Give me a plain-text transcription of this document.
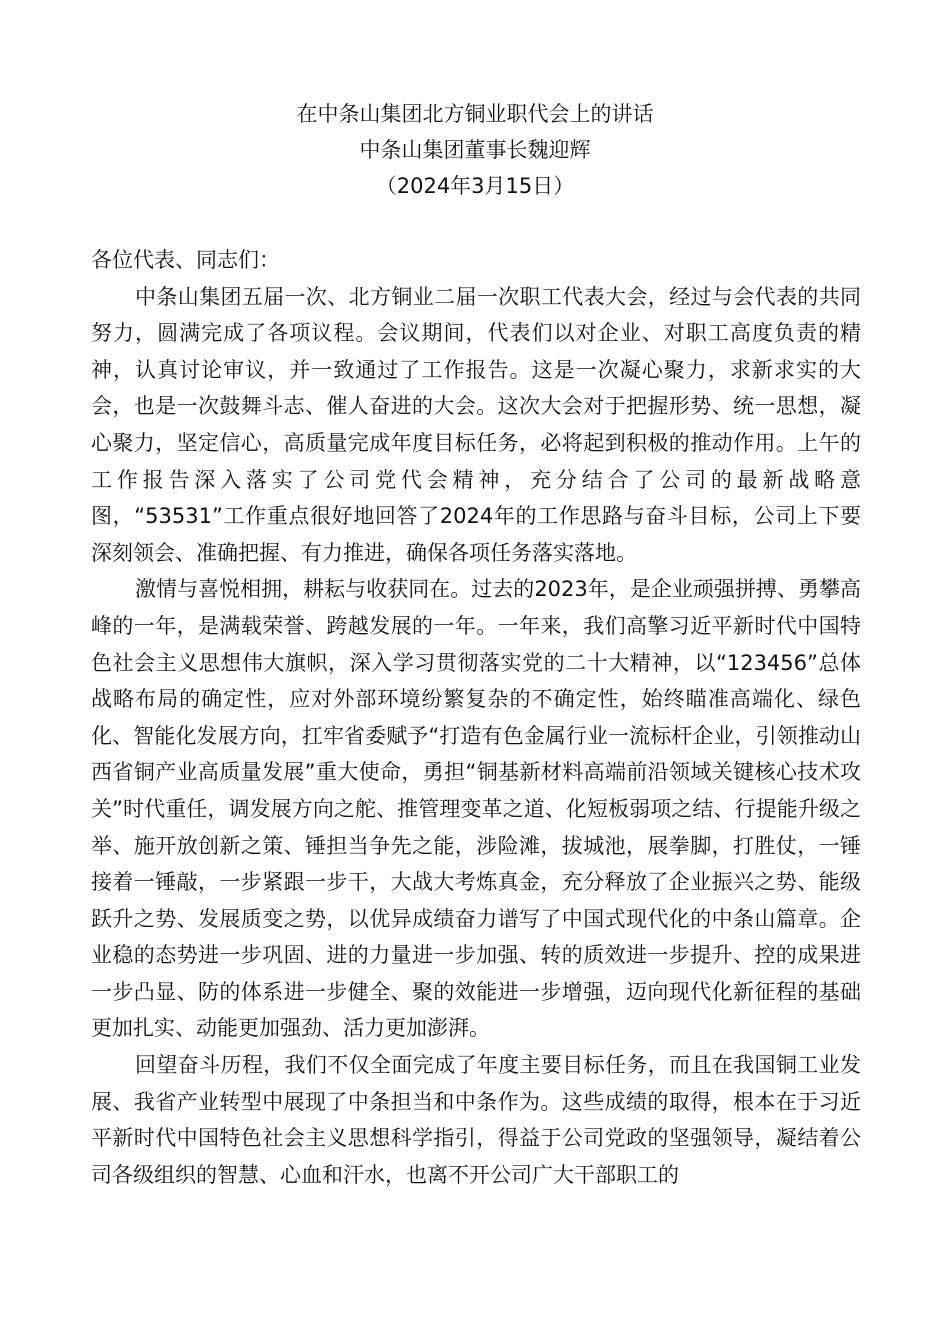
在中条山集团北方铜业职代会上的讲话
中条山集团董事长魏迎辉
（2024年3月15日）

各位代表、同志们：

中条山集团五届一次、北方铜业二届一次职工代表大会，经过与会代表的共同努力，圆满完成了各项议程。会议期间，代表们以对企业、对职工高度负责的精神，认真讨论审议，并一致通过了工作报告。这是一次凝心聚力，求新求实的大会，也是一次鼓舞斗志、催人奋进的大会。这次大会对于把握形势、统一思想，凝心聚力，坚定信心，高质量完成年度目标任务，必将起到积极的推动作用。上午的工作报告深入落实了公司党代会精神，充分结合了公司的最新战略意图，“53531”工作重点很好地回答了2024年的工作思路与奋斗目标，公司上下要深刻领会、准确把握、有力推进，确保各项任务落实落地。

激情与喜悦相拥，耕耘与收获同在。过去的2023年，是企业顽强拼搏、勇攀高峰的一年，是满载荣誉、跨越发展的一年。一年来，我们高擎习近平新时代中国特色社会主义思想伟大旗帜，深入学习贯彻落实党的二十大精神，以“123456”总体战略布局的确定性，应对外部环境纷繁复杂的不确定性，始终瞄准高端化、绿色化、智能化发展方向，扛牢省委赋予“打造有色金属行业一流标杆企业，引领推动山西省铜产业高质量发展”重大使命，勇担“铜基新材料高端前沿领域关键核心技术攻关”时代重任，调发展方向之舵、推管理变革之道、化短板弱项之结、行提能升级之举、施开放创新之策、锤担当争先之能，涉险滩，拔城池，展拳脚，打胜仗，一锤接着一锤敲，一步紧跟一步干，大战大考炼真金，充分释放了企业振兴之势、能级跃升之势、发展质变之势，以优异成绩奋力谱写了中国式现代化的中条山篇章。企业稳的态势进一步巩固、进的力量进一步加强、转的质效进一步提升、控的成果进一步凸显、防的体系进一步健全、聚的效能进一步增强，迈向现代化新征程的基础更加扎实、动能更加强劲、活力更加澎湃。

回望奋斗历程，我们不仅全面完成了年度主要目标任务，而且在我国铜工业发展、我省产业转型中展现了中条担当和中条作为。这些成绩的取得，根本在于习近平新时代中国特色社会主义思想科学指引，得益于公司党政的坚强领导，凝结着公司各级组织的智慧、心血和汗水，也离不开公司广大干部职工的
